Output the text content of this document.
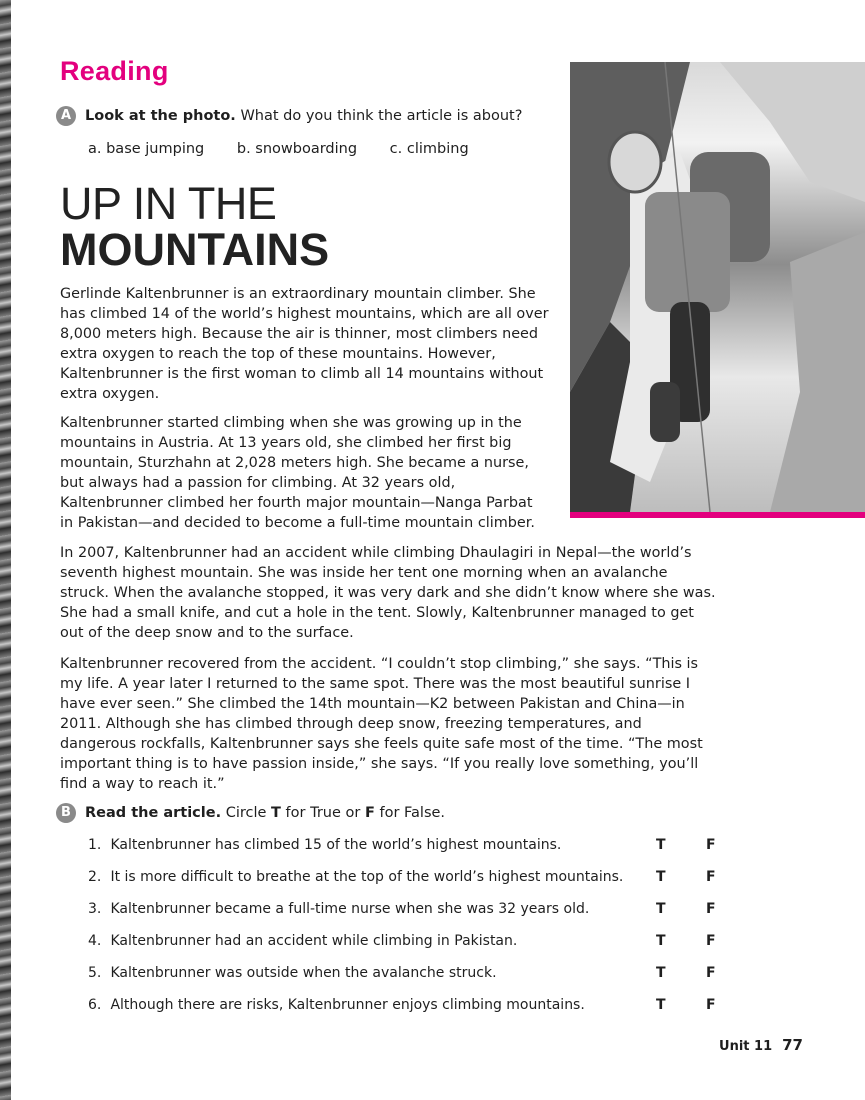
Reading
A Look at the photo. What do you think the article is about?
a. base jumping b. snowboarding c. climbing
UP IN THE
MOUNTAINS

Gerlinde Kaltenbrunner is an extraordinary mountain climber. She has climbed 14 of the world’s highest mountains, which are all over 8,000 meters high. Because the air is thinner, most climbers need extra oxygen to reach the top of these mountains. However, Kaltenbrunner is the first woman to climb all 14 mountains without extra oxygen.

Kaltenbrunner started climbing when she was growing up in the mountains in Austria. At 13 years old, she climbed her first big mountain, Sturzhahn at 2,028 meters high. She became a nurse, but always had a passion for climbing. At 32 years old, Kaltenbrunner climbed her fourth major mountain—Nanga Parbat in Pakistan—and decided to become a full-time mountain climber.

In 2007, Kaltenbrunner had an accident while climbing Dhaulagiri in Nepal—the world’s seventh highest mountain. She was inside her tent one morning when an avalanche struck. When the avalanche stopped, it was very dark and she didn’t know where she was. She had a small knife, and cut a hole in the tent. Slowly, Kaltenbrunner managed to get out of the deep snow and to the surface.

Kaltenbrunner recovered from the accident. “I couldn’t stop climbing,” she says. “This is my life. A year later I returned to the same spot. There was the most beautiful sunrise I have ever seen.” She climbed the 14th mountain—K2 between Pakistan and China—in 2011. Although she has climbed through deep snow, freezing temperatures, and dangerous rockfalls, Kaltenbrunner says she feels quite safe most of the time. “The most important thing is to have passion inside,” she says. “If you really love something, you’ll find a way to reach it.”

B Read the article. Circle T for True or F for False.
1. Kaltenbrunner has climbed 15 of the world’s highest mountains.	T	F
2. It is more difficult to breathe at the top of the world’s highest mountains. T	F
3. Kaltenbrunner became a full-time nurse when she was 32 years old.	T	F
4. Kaltenbrunner had an accident while climbing in Pakistan.	T	F
5. Kaltenbrunner was outside when the avalanche struck.	T	F
6. Although there are risks, Kaltenbrunner enjoys climbing mountains.	T	F
Unit 11 77
